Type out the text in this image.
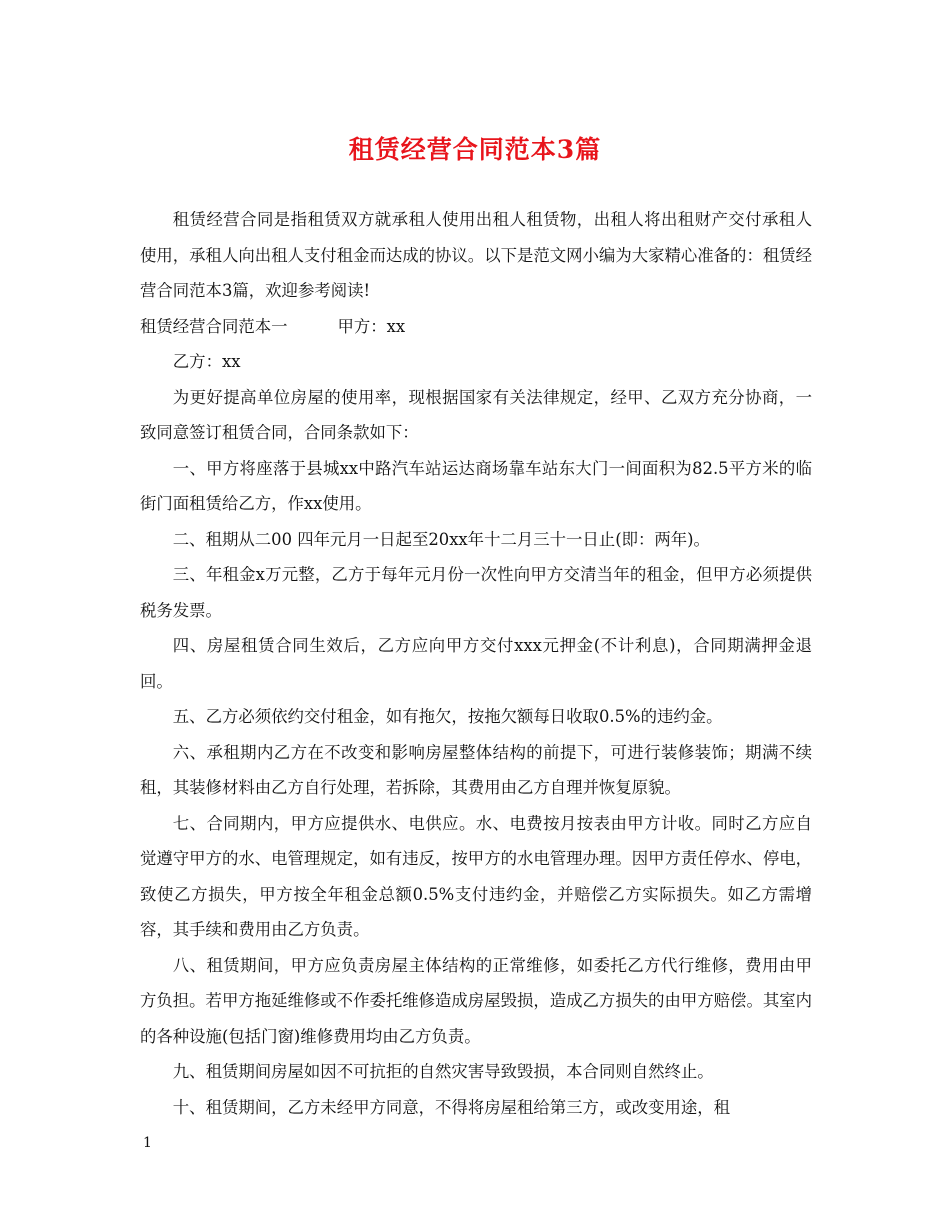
租赁经营合同范本3篇

租赁经营合同是指租赁双方就承租人使用出租人租赁物，出租人将出租财产交付承租人使用，承租人向出租人支付租金而达成的协议。以下是范文网小编为大家精心准备的：租赁经营合同范本3篇，欢迎参考阅读!

租赁经营合同范本一	甲方：xx

乙方：xx

为更好提高单位房屋的使用率，现根据国家有关法律规定，经甲、乙双方充分协商，一致同意签订租赁合同，合同条款如下：

一、甲方将座落于县城xx中路汽车站运达商场靠车站东大门一间面积为82.5平方米的临街门面租赁给乙方，作xx使用。

二、租期从二00 四年元月一日起至20xx年十二月三十一日止(即：两年)。

三、年租金x万元整，乙方于每年元月份一次性向甲方交清当年的租金，但甲方必须提供税务发票。

四、房屋租赁合同生效后，乙方应向甲方交付xxx元押金(不计利息)，合同期满押金退回。

五、乙方必须依约交付租金，如有拖欠，按拖欠额每日收取0.5%的违约金。

六、承租期内乙方在不改变和影响房屋整体结构的前提下，可进行装修装饰；期满不续租，其装修材料由乙方自行处理，若拆除，其费用由乙方自理并恢复原貌。

七、合同期内，甲方应提供水、电供应。水、电费按月按表由甲方计收。同时乙方应自觉遵守甲方的水、电管理规定，如有违反，按甲方的水电管理办理。因甲方责任停水、停电，致使乙方损失，甲方按全年租金总额0.5%支付违约金，并赔偿乙方实际损失。如乙方需增容，其手续和费用由乙方负责。

八、租赁期间，甲方应负责房屋主体结构的正常维修，如委托乙方代行维修，费用由甲方负担。若甲方拖延维修或不作委托维修造成房屋毁损，造成乙方损失的由甲方赔偿。其室内的各种设施(包括门窗)维修费用均由乙方负责。

九、租赁期间房屋如因不可抗拒的自然灾害导致毁损，本合同则自然终止。

十、租赁期间，乙方未经甲方同意，不得将房屋租给第三方，或改变用途，租

1
